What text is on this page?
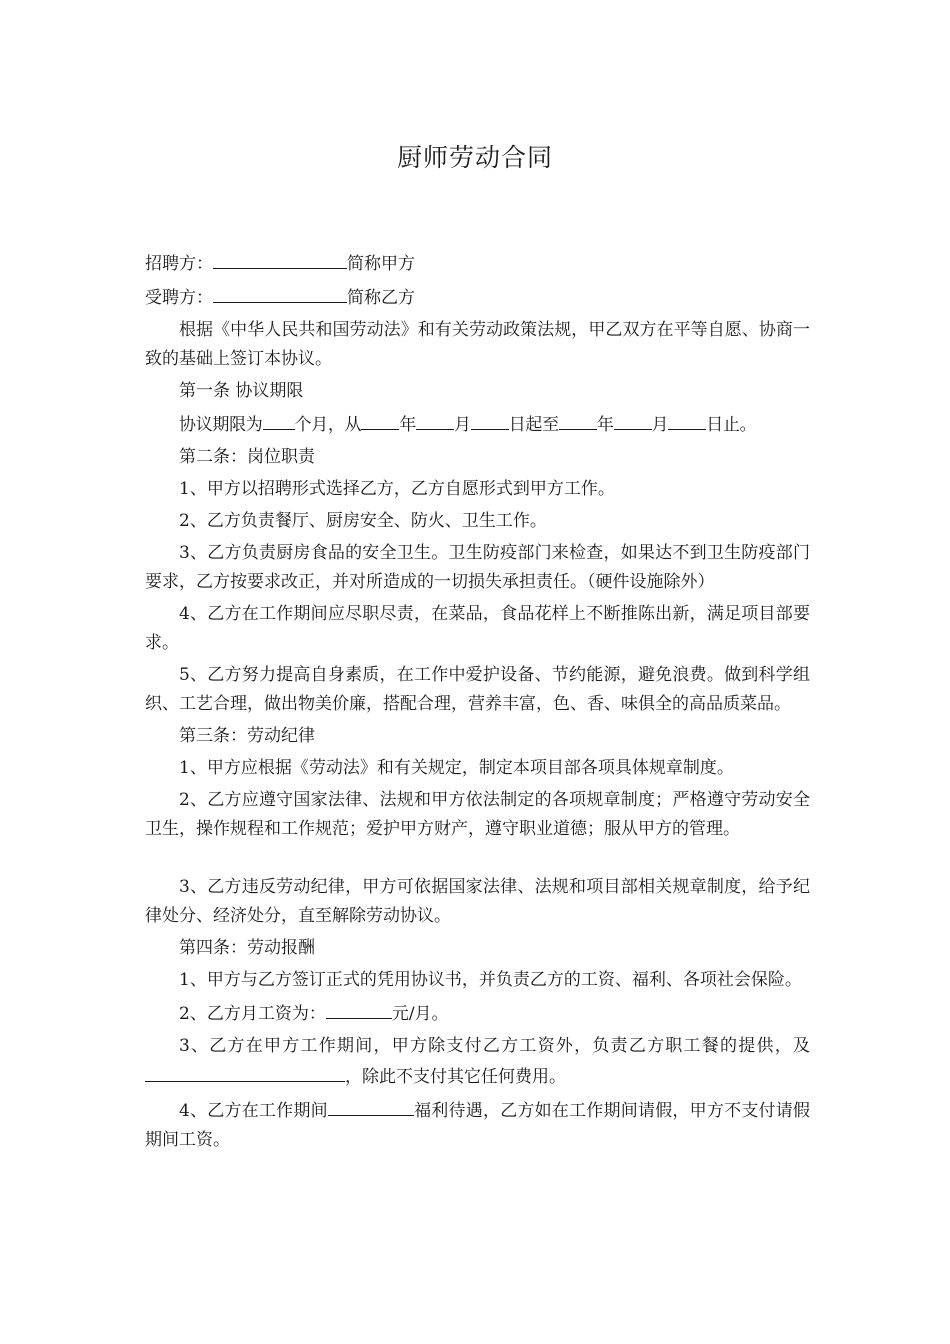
厨师劳动合同

招聘方：	简称甲方

受聘方：	简称乙方

根据《中华人民共和国劳动法》和有关劳动政策法规，甲乙双方在平等自愿、协商一致的基础上签订本协议。

第一条 协议期限

协议期限为 个月，从 年 月 日起至 年 月 日止。

第二条：岗位职责

1、甲方以招聘形式选择乙方，乙方自愿形式到甲方工作。

2、乙方负责餐厅、厨房安全、防火、卫生工作。

3、乙方负责厨房食品的安全卫生。卫生防疫部门来检查，如果达不到卫生防疫部门要求，乙方按要求改正，并对所造成的一切损失承担责任。（硬件设施除外）

4、乙方在工作期间应尽职尽责，在菜品，食品花样上不断推陈出新，满足项目部要求。

5、乙方努力提高自身素质，在工作中爱护设备、节约能源，避免浪费。做到科学组织、工艺合理，做出物美价廉，搭配合理，营养丰富，色、香、味俱全的高品质菜品。

第三条：劳动纪律

1、甲方应根据《劳动法》和有关规定，制定本项目部各项具体规章制度。

2、乙方应遵守国家法律、法规和甲方依法制定的各项规章制度；严格遵守劳动安全卫生，操作规程和工作规范；爱护甲方财产，遵守职业道德；服从甲方的管理。

3、乙方违反劳动纪律，甲方可依据国家法律、法规和项目部相关规章制度，给予纪律处分、经济处分，直至解除劳动协议。

第四条：劳动报酬

1、甲方与乙方签订正式的凭用协议书，并负责乙方的工资、福利、各项社会保险。

2、乙方月工资为：	元/月。

3、乙方在甲方工作期间，甲方除支付乙方工资外，负责乙方职工餐的提供，及，除此不支付其它任何费用。

4、乙方在工作期间	福利待遇，乙方如在工作期间请假，甲方不支付请假期间工资。
